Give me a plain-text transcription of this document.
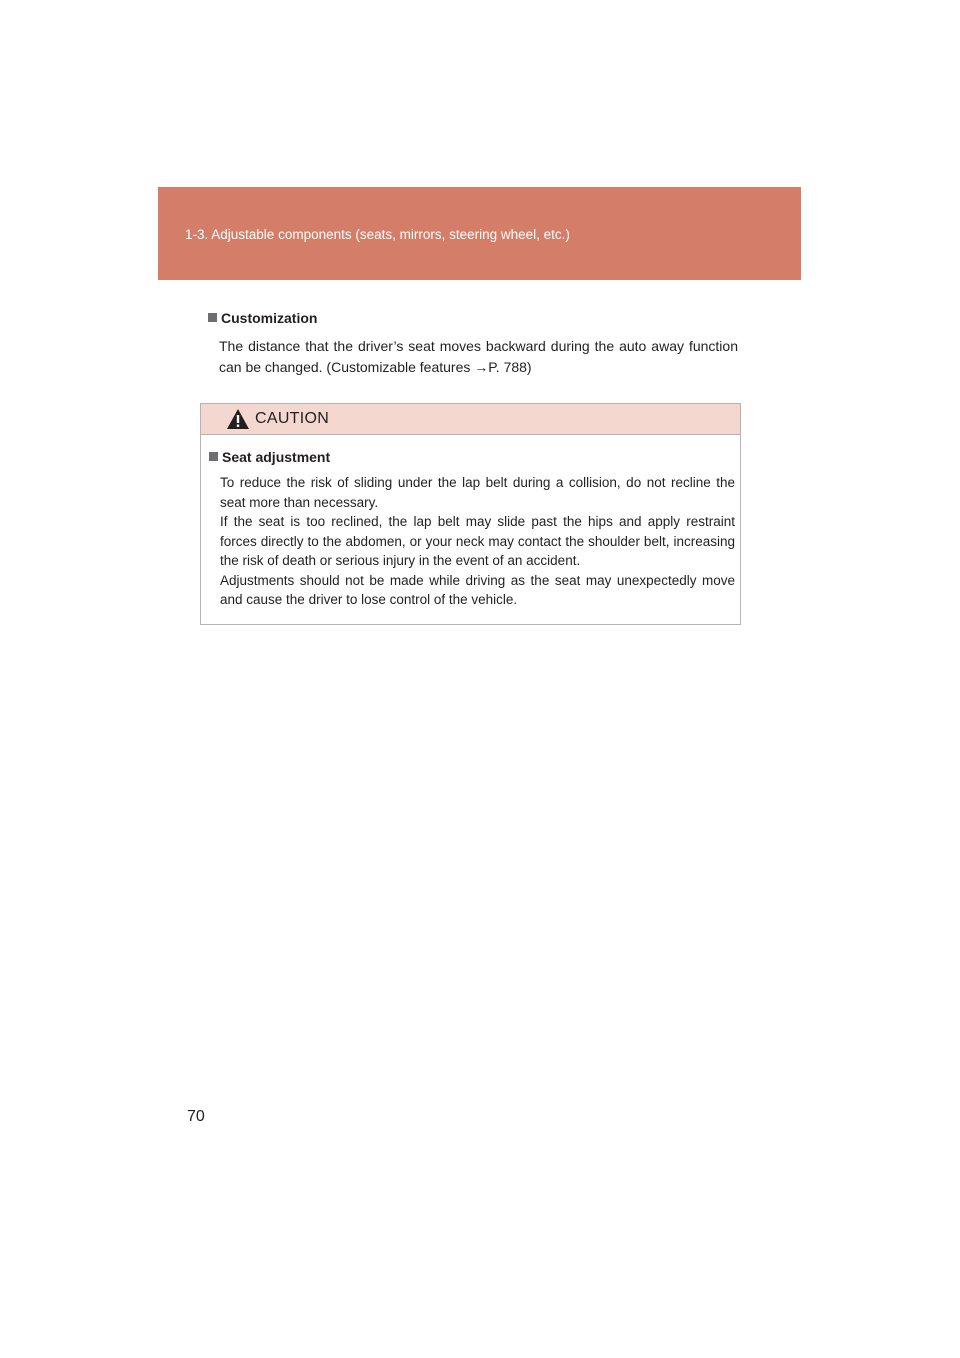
1-3. Adjustable components (seats, mirrors, steering wheel, etc.)
Customization

The distance that the driver’s seat moves backward during the auto away function can be changed. (Customizable features →P. 788)

CAUTION
Seat adjustment

To reduce the risk of sliding under the lap belt during a collision, do not recline the seat more than necessary.

If the seat is too reclined, the lap belt may slide past the hips and apply restraint forces directly to the abdomen, or your neck may contact the shoulder belt, increasing the risk of death or serious injury in the event of an accident.

Adjustments should not be made while driving as the seat may unexpectedly move and cause the driver to lose control of the vehicle.

70
